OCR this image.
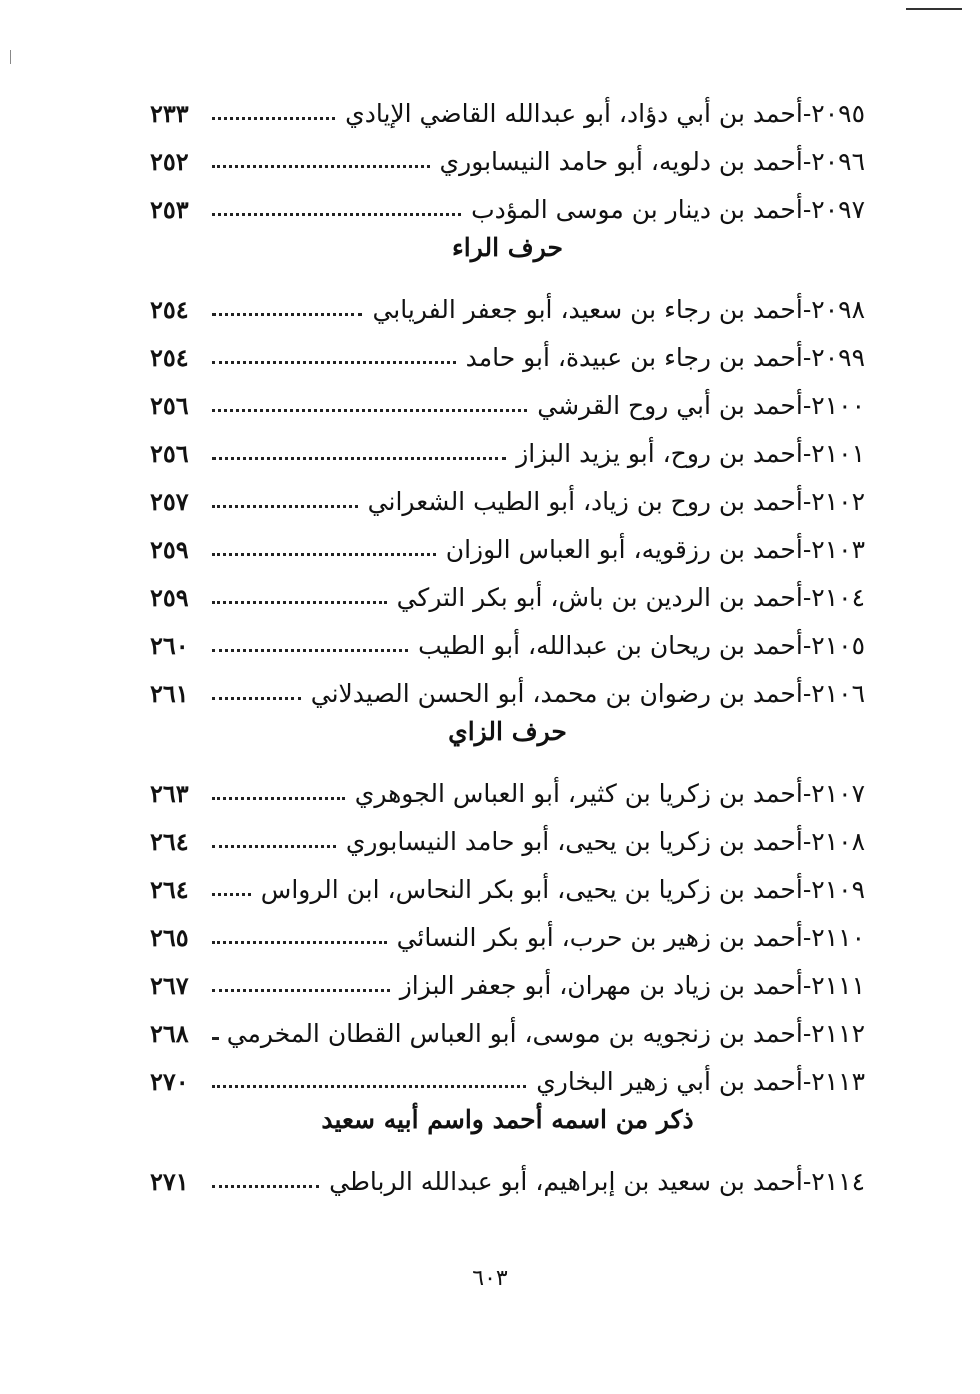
٢٠٩٥-
أحمد بن أبي دؤاد، أبو عبدالله القاضي الإيادي
٢٣٣
٢٠٩٦-
أحمد بن دلويه، أبو حامد النيسابوري
٢٥٢
٢٠٩٧-
أحمد بن دينار بن موسى المؤدب
٢٥٣
حرف الراء
٢٠٩٨-
أحمد بن رجاء بن سعيد، أبو جعفر الفريابي
٢٥٤
٢٠٩٩-
أحمد بن رجاء بن عبيدة، أبو حامد
٢٥٤
٢١٠٠-
أحمد بن أبي روح القرشي
٢٥٦
٢١٠١-
أحمد بن روح، أبو يزيد البزاز
٢٥٦
٢١٠٢-
أحمد بن روح بن زياد، أبو الطيب الشعراني
٢٥٧
٢١٠٣-
أحمد بن رزقويه، أبو العباس الوزان
٢٥٩
٢١٠٤-
أحمد بن الردين بن باش، أبو بكر التركي
٢٥٩
٢١٠٥-
أحمد بن ريحان بن عبدالله، أبو الطيب
٢٦٠
٢١٠٦-
أحمد بن رضوان بن محمد، أبو الحسن الصيدلاني
٢٦١
حرف الزاي
٢١٠٧-
أحمد بن زكريا بن كثير، أبو العباس الجوهري
٢٦٣
٢١٠٨-
أحمد بن زكريا بن يحيى، أبو حامد النيسابوري
٢٦٤
٢١٠٩-
أحمد بن زكريا بن يحيى، أبو بكر النحاس، ابن الرواس
٢٦٤
٢١١٠-
أحمد بن زهير بن حرب، أبو بكر النسائي
٢٦٥
٢١١١-
أحمد بن زياد بن مهران، أبو جعفر البزاز
٢٦٧
٢١١٢-
أحمد بن زنجويه بن موسى، أبو العباس القطان المخرمي
٢٦٨
٢١١٣-
أحمد بن أبي زهير البخاري
٢٧٠
ذكر من اسمه أحمد واسم أبيه سعيد
٢١١٤-
أحمد بن سعيد بن إبراهيم، أبو عبدالله الرباطي
٢٧١
٦٠٣
